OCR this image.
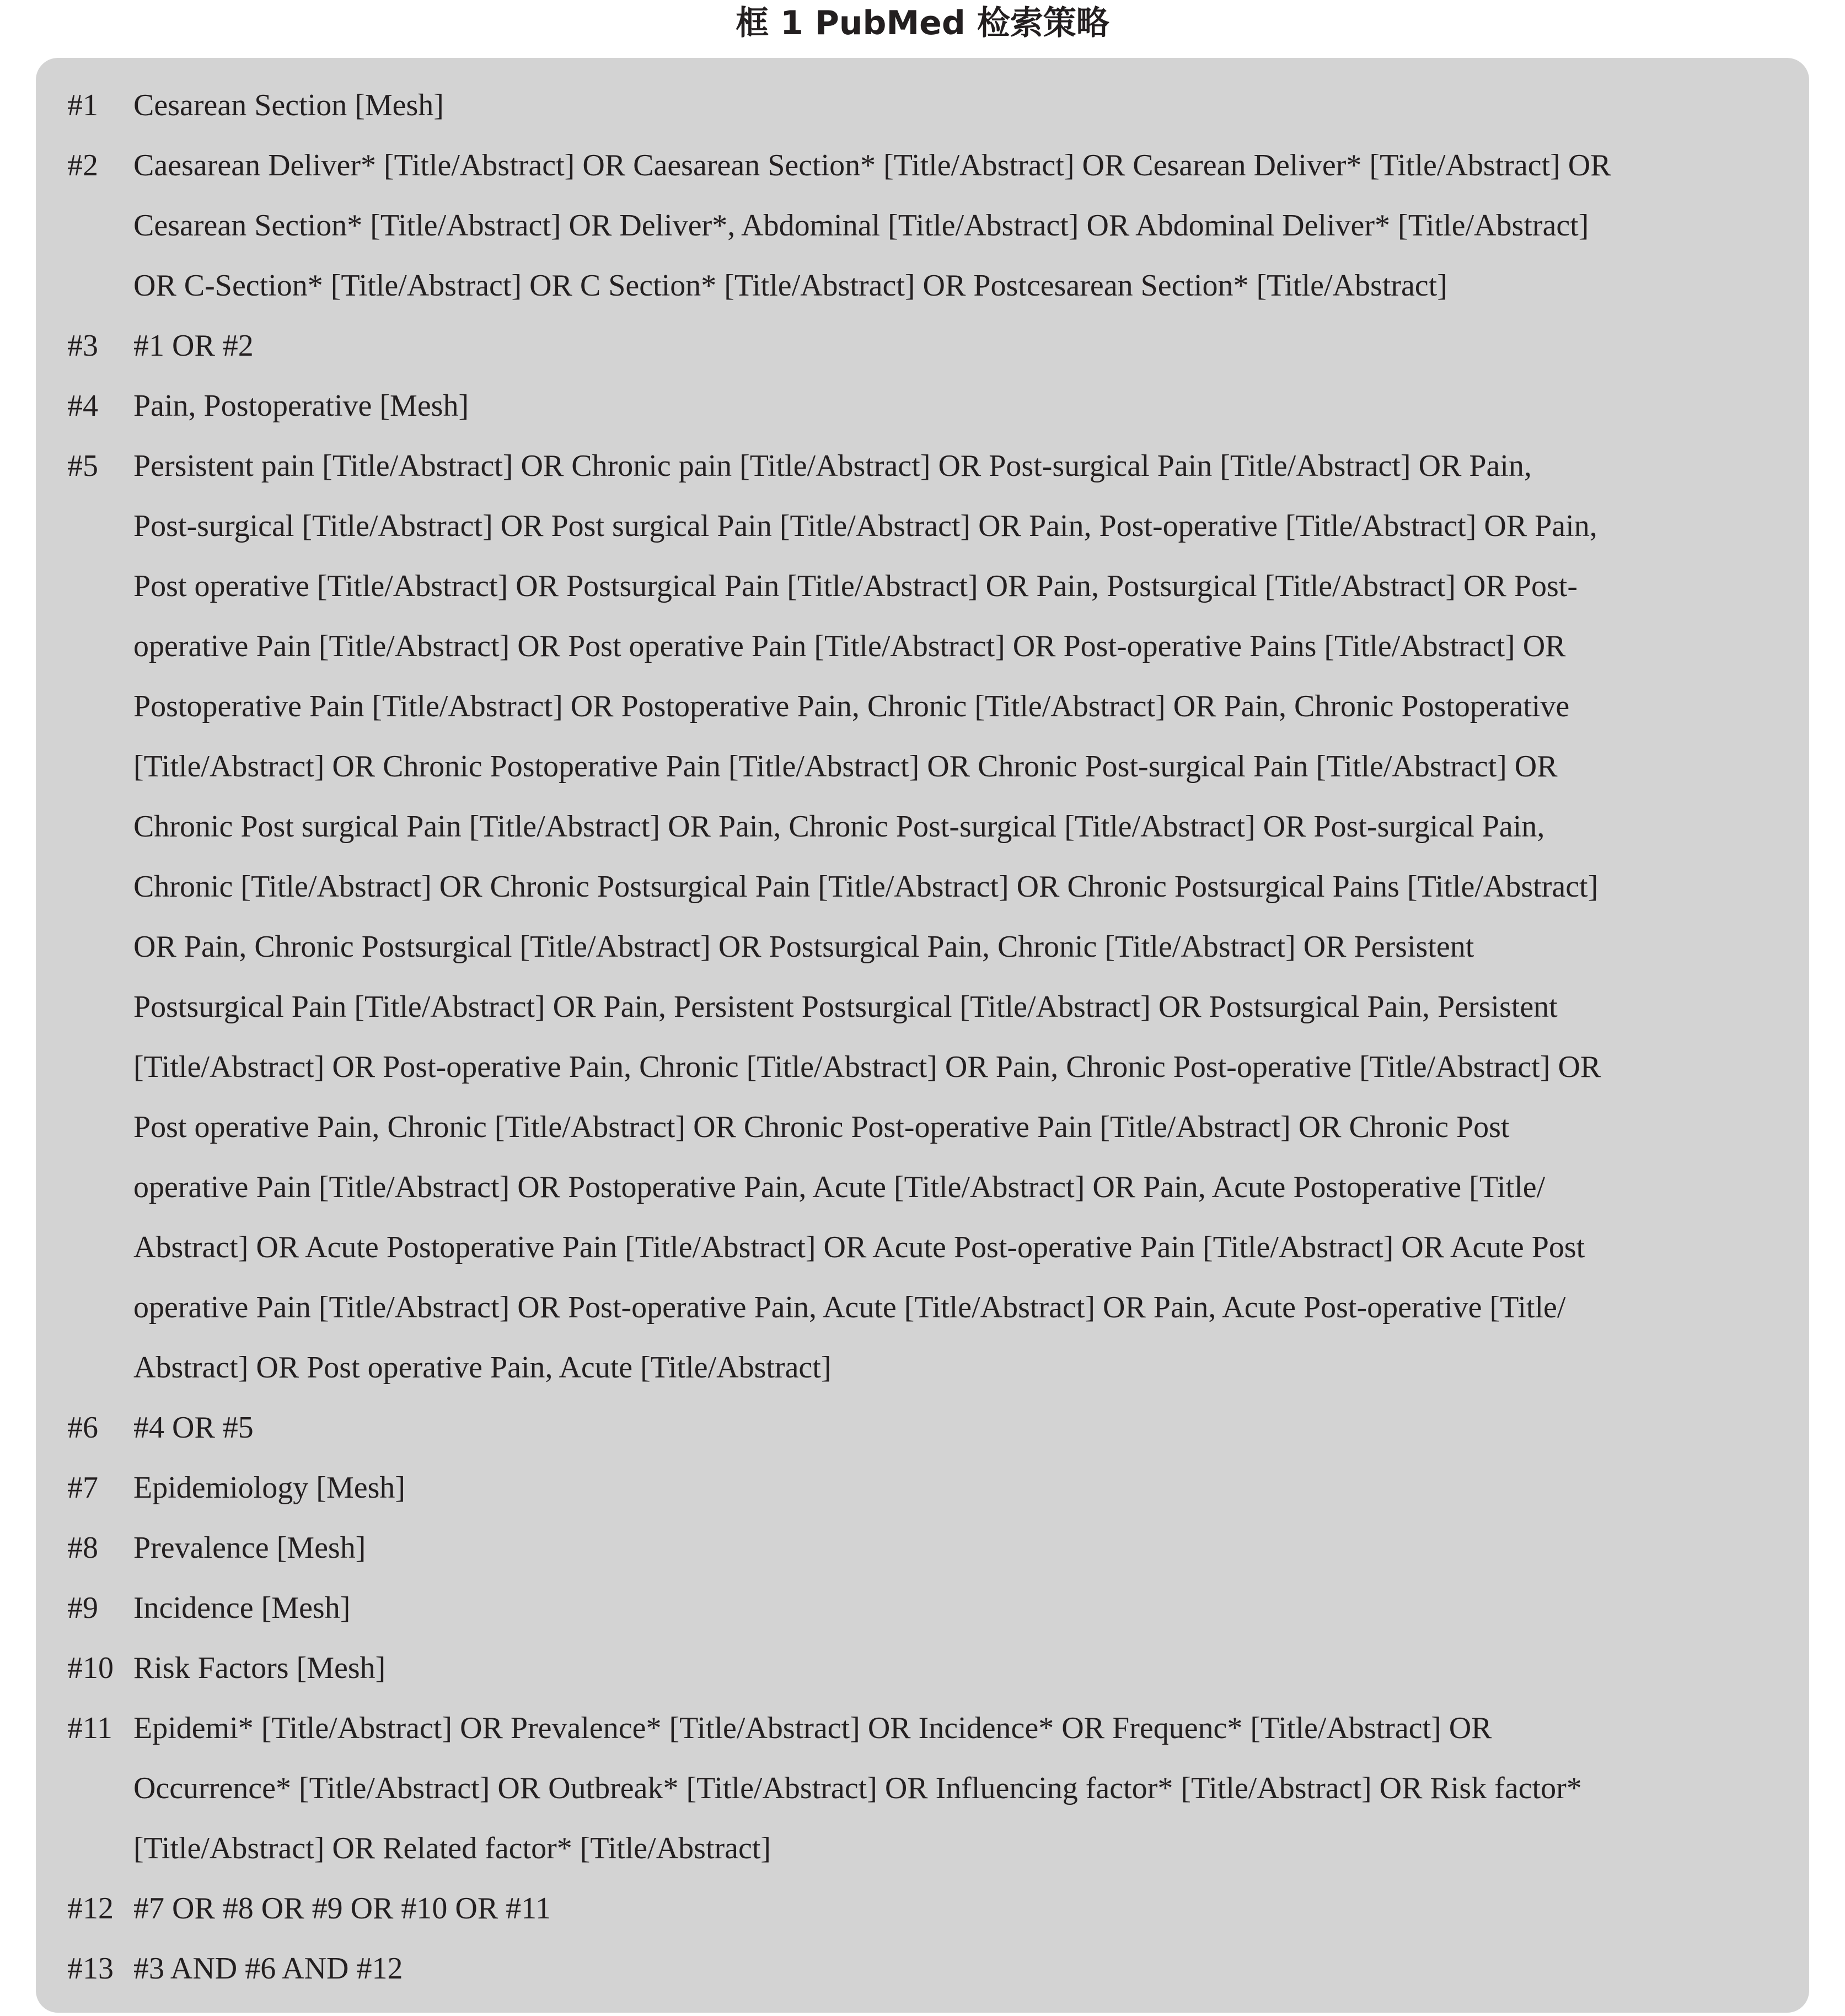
框 1 PubMed 检索策略
#1	Cesarean Section [Mesh]
#2	Caesarean Deliver* [Title/Abstract] OR Caesarean Section* [Title/Abstract] OR Cesarean Deliver* [Title/Abstract] OR
Cesarean Section* [Title/Abstract] OR Deliver*, Abdominal [Title/Abstract] OR Abdominal Deliver* [Title/Abstract]
OR C-Section* [Title/Abstract] OR C Section* [Title/Abstract] OR Postcesarean Section* [Title/Abstract]
#3	#1 OR #2
#4	Pain, Postoperative [Mesh]
#5	Persistent pain [Title/Abstract] OR Chronic pain [Title/Abstract] OR Post-surgical Pain [Title/Abstract] OR Pain,
Post-surgical [Title/Abstract] OR Post surgical Pain [Title/Abstract] OR Pain, Post-operative [Title/Abstract] OR Pain,
Post operative [Title/Abstract] OR Postsurgical Pain [Title/Abstract] OR Pain, Postsurgical [Title/Abstract] OR Post-
operative Pain [Title/Abstract] OR Post operative Pain [Title/Abstract] OR Post-operative Pains [Title/Abstract] OR
Postoperative Pain [Title/Abstract] OR Postoperative Pain, Chronic [Title/Abstract] OR Pain, Chronic Postoperative
[Title/Abstract] OR Chronic Postoperative Pain [Title/Abstract] OR Chronic Post-surgical Pain [Title/Abstract] OR
Chronic Post surgical Pain [Title/Abstract] OR Pain, Chronic Post-surgical [Title/Abstract] OR Post-surgical Pain,
Chronic [Title/Abstract] OR Chronic Postsurgical Pain [Title/Abstract] OR Chronic Postsurgical Pains [Title/Abstract]
OR Pain, Chronic Postsurgical [Title/Abstract] OR Postsurgical Pain, Chronic [Title/Abstract] OR Persistent
Postsurgical Pain [Title/Abstract] OR Pain, Persistent Postsurgical [Title/Abstract] OR Postsurgical Pain, Persistent
[Title/Abstract] OR Post-operative Pain, Chronic [Title/Abstract] OR Pain, Chronic Post-operative [Title/Abstract] OR
Post operative Pain, Chronic [Title/Abstract] OR Chronic Post-operative Pain [Title/Abstract] OR Chronic Post
operative Pain [Title/Abstract] OR Postoperative Pain, Acute [Title/Abstract] OR Pain, Acute Postoperative [Title/
Abstract] OR Acute Postoperative Pain [Title/Abstract] OR Acute Post-operative Pain [Title/Abstract] OR Acute Post
operative Pain [Title/Abstract] OR Post-operative Pain, Acute [Title/Abstract] OR Pain, Acute Post-operative [Title/
Abstract] OR Post operative Pain, Acute [Title/Abstract]
#6	#4 OR #5
#7	Epidemiology [Mesh]
#8	Prevalence [Mesh]
#9	Incidence [Mesh]
#10 Risk Factors [Mesh]
#11 Epidemi* [Title/Abstract] OR Prevalence* [Title/Abstract] OR Incidence* OR Frequenc* [Title/Abstract] OR
Occurrence* [Title/Abstract] OR Outbreak* [Title/Abstract] OR Influencing factor* [Title/Abstract] OR Risk factor*
[Title/Abstract] OR Related factor* [Title/Abstract]
#12 #7 OR #8 OR #9 OR #10 OR #11
#13 #3 AND #6 AND #12
